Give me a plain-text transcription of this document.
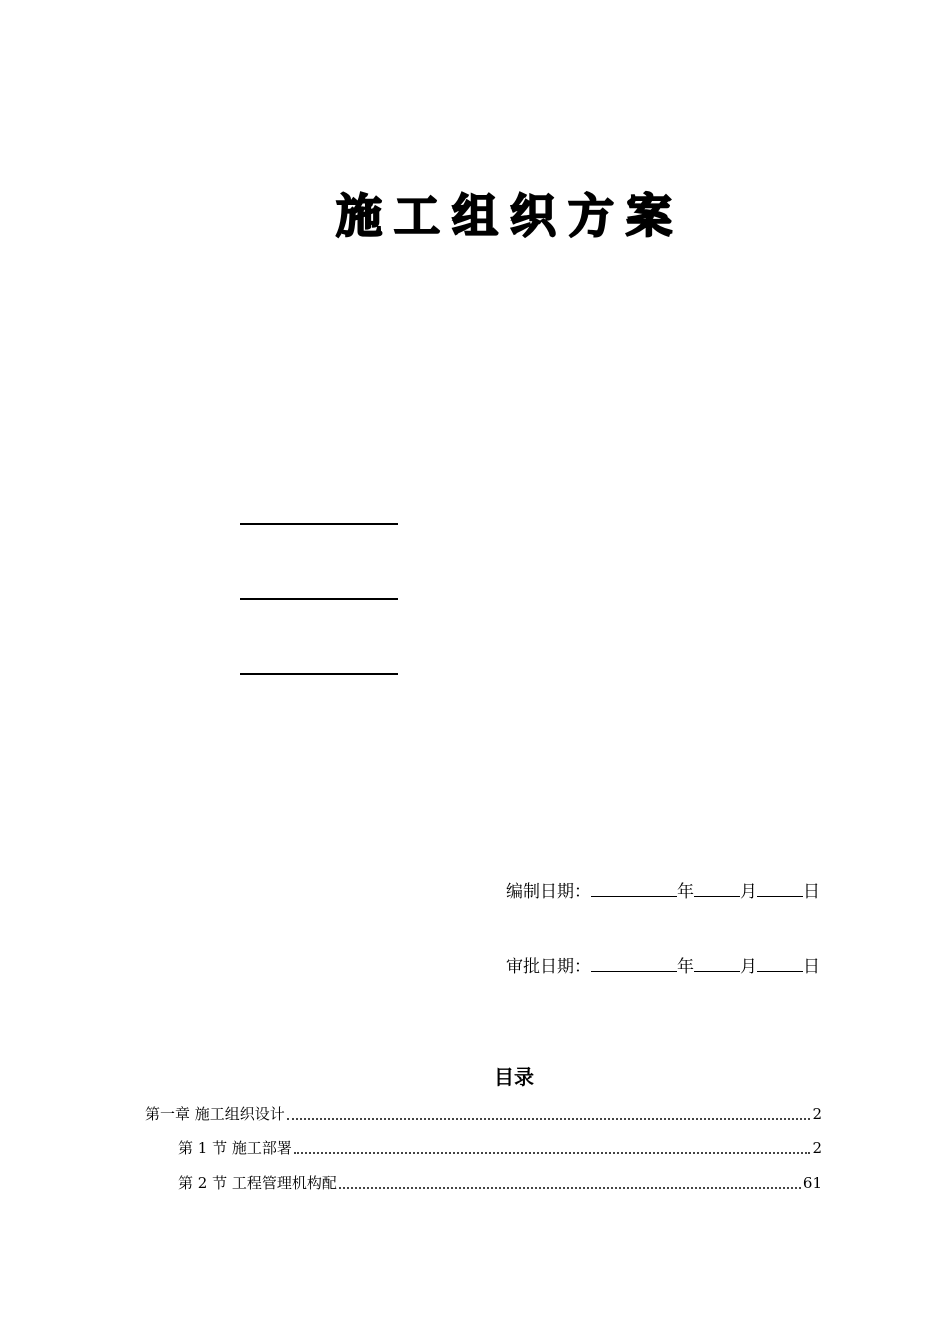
施工组织方案
编制日期：	年	月	日
审批日期：	年	月	日
目录
第一章 施工组织设计	2
第 1 节 施工部署	2
第 2 节 工程管理机构配	61
